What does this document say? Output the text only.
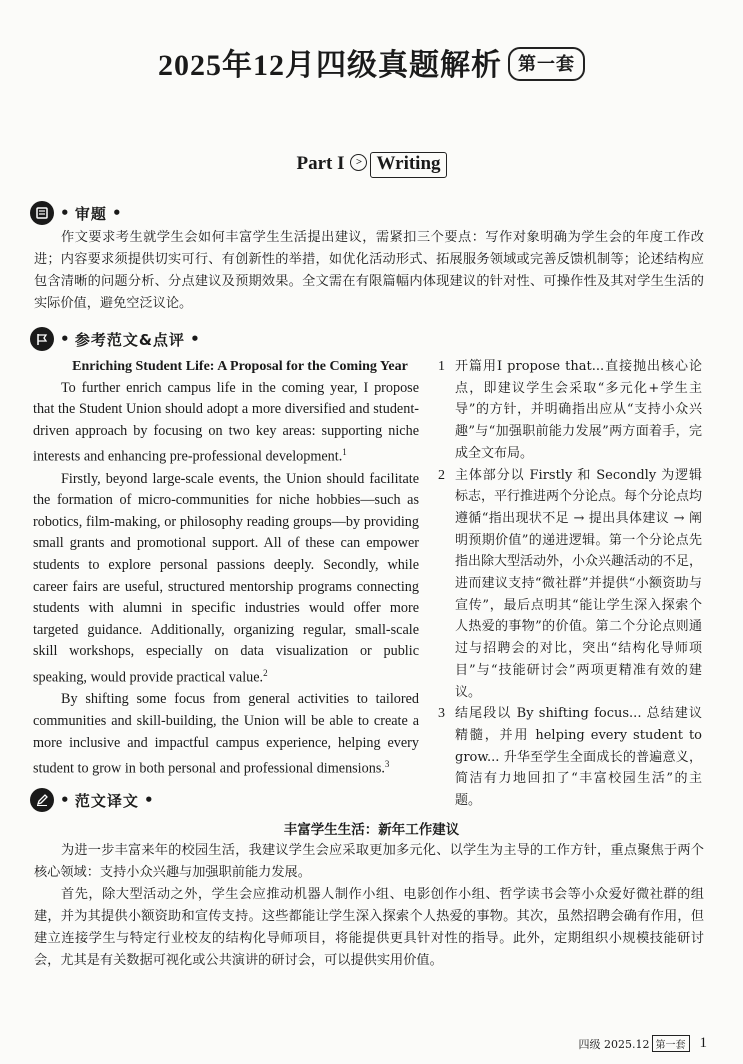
2025年12月四级真题解析 第一套
Part I > Writing
• 审题 •
作文要求考生就学生会如何丰富学生生活提出建议，需紧扣三个要点：写作对象明确为学生会的年度工作改进；内容要求须提供切实可行、有创新性的举措，如优化活动形式、拓展服务领域或完善反馈机制等；论述结构应包含清晰的问题分析、分点建议及预期效果。全文需在有限篇幅内体现建议的针对性、可操作性及其对学生生活的实际价值，避免空泛议论。
• 参考范文&点评 •

Enriching Student Life: A Proposal for the Coming Year

To further enrich campus life in the coming year, I propose that the Student Union should adopt a more diversified and student-driven approach by focusing on two key areas: supporting niche interests and enhancing pre-professional development.$^1$

Firstly, beyond large-scale events, the Union should facilitate the formation of micro-communities for niche hobbies—such as robotics, film-making, or philosophy reading groups—by providing small grants and promotional support. All of these can empower students to explore personal passions deeply. Secondly, while career fairs are useful, structured mentorship programs connecting students with alumni in specific industries would offer more targeted guidance. Additionally, organizing regular, small-scale skill workshops, especially on data visualization or public speaking, would provide practical value.$^2$

By shifting some focus from general activities to tailored communities and skill-building, the Union will be able to create a more inclusive and impactful campus experience, helping every student to grow in both personal and professional dimensions.$^3$

1 开篇用I propose that...直接抛出核心论点，即建议学生会采取“多元化+学生主导”的方针，并明确指出应从“支持小众兴趣”与“加强职前能力发展”两方面着手，完成全文布局。
2 主体部分以 Firstly 和 Secondly 为逻辑标志，平行推进两个分论点。每个分论点均遵循“指出现状不足 → 提出具体建议 → 阐明预期价值”的递进逻辑。第一个分论点先指出除大型活动外，小众兴趣活动的不足，进而建议支持“微社群”并提供“小额资助与宣传”，最后点明其“能让学生深入探索个人热爱的事物”的价值。第二个分论点则通过与招聘会的对比，突出“结构化导师项目”与“技能研讨会”两项更精准有效的建议。
3 结尾段以 By shifting focus... 总结建议精髓，并用 helping every student to grow... 升华至学生全面成长的普遍意义，简洁有力地回扣了“丰富校园生活”的主题。
• 范文译文 •
丰富学生生活：新年工作建议

为进一步丰富来年的校园生活，我建议学生会应采取更加多元化、以学生为主导的工作方针，重点聚焦于两个核心领域：支持小众兴趣与加强职前能力发展。

首先，除大型活动之外，学生会应推动机器人制作小组、电影创作小组、哲学读书会等小众爱好微社群的组建，并为其提供小额资助和宣传支持。这些都能让学生深入探索个人热爱的事物。其次，虽然招聘会确有作用，但建立连接学生与特定行业校友的结构化导师项目，将能提供更具针对性的指导。此外，定期组织小规模技能研讨会，尤其是有关数据可视化或公共演讲的研讨会，可以提供实用价值。

四级 2025.12 第一套 1
